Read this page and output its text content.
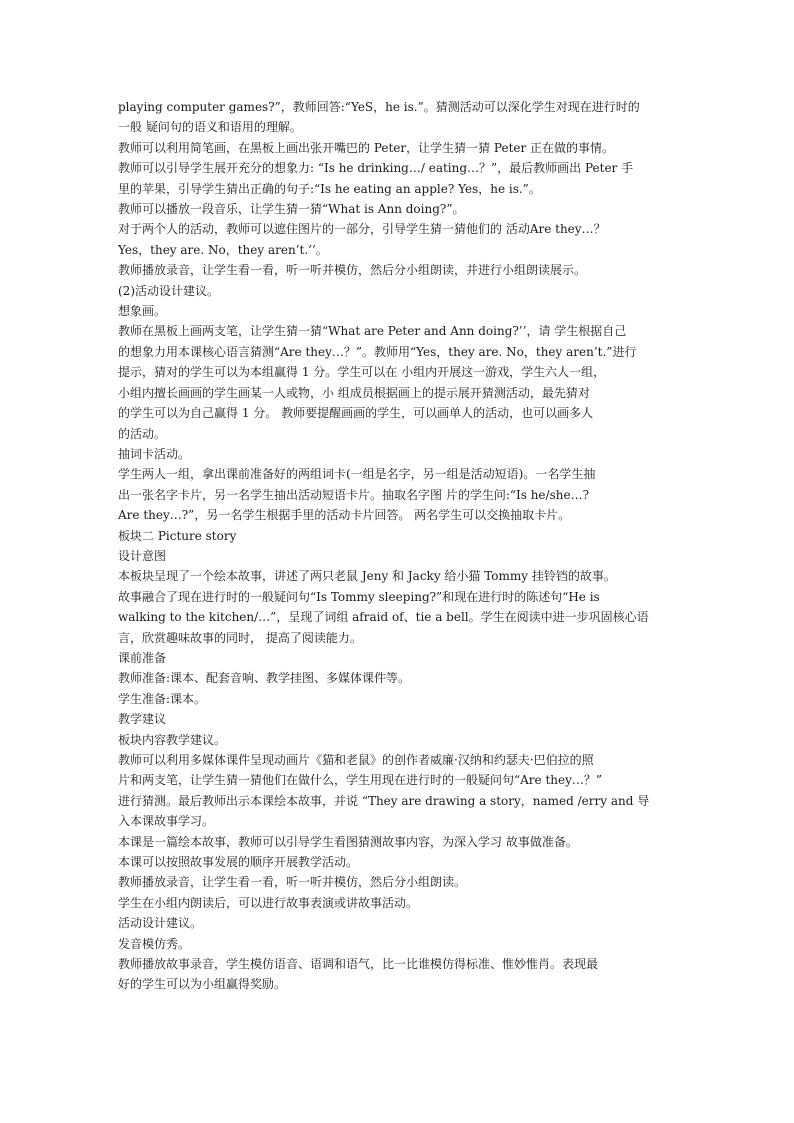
playing computer games?”，教师回答:“YeS，he is.”。猜测活动可以深化学生对现在进行时的
一般 疑问句的语义和语用的理解。
教师可以利用简笔画，在黑板上画出张开嘴巴的 Peter，让学生猜一猜 Peter 正在做的事情。
教师可以引导学生展开充分的想象力: “Is he drinking…/ eating…？”，最后教师画出 Peter 手
里的苹果，引导学生猜出正确的句子:“Is he eating an apple? Yes，he is.”。
教师可以播放一段音乐，让学生猜一猜“What is Ann doing?”。
对于两个人的活动，教师可以遮住图片的一部分，引导学生猜一猜他们的 活动Are they…？
Yes，they are. No，they aren’t.’’。
教师播放录音，让学生看一看，听一听并模仿，然后分小组朗读，并进行小组朗读展示。
(2)活动设计建议。
想象画。
教师在黑板上画两支笔，让学生猜一猜“What are Peter and Ann doing?’’，请 学生根据自己
的想象力用本课核心语言猜测“Are they…？”。教师用“Yes，they are. No，they aren’t.”进行
提示，猜对的学生可以为本组赢得 1 分。学生可以在 小组内开展这一游戏，学生六人一组，
小组内擅长画画的学生画某一人或物，小 组成员根据画上的提示展开猜测活动，最先猜对
的学生可以为自己赢得 1 分。 教师要提醒画画的学生，可以画单人的活动，也可以画多人
的活动。
抽词卡活动。
学生两人一组，拿出课前准备好的两组词卡(一组是名字，另一组是活动短语)。一名学生抽
出一张名字卡片，另一名学生抽出活动短语卡片。抽取名字图 片的学生问:“Is he/she…?
Are they…?”，另一名学生根据手里的活动卡片回答。 两名学生可以交换抽取卡片。
板块二 Picture story
设计意图
本板块呈现了一个绘本故事，讲述了两只老鼠 Jeny 和 Jacky 给小猫 Tommy 挂铃铛的故事。
故事融合了现在进行时的一般疑问句“Is Tommy sleeping?”和现在进行时的陈述句“He is
walking to the kitchen/…”，呈现了词组 afraid of、tie a bell。学生在阅读中进一步巩固核心语
言，欣赏趣味故事的同时， 提高了阅读能力。
课前准备
教师准备:课本、配套音响、教学挂图、多媒体课件等。
学生准备:课本。
教学建议
板块内容教学建议。
教师可以利用多媒体课件呈现动画片《猫和老鼠》的创作者威廉·汉纳和约瑟夫·巴伯拉的照
片和两支笔，让学生猜一猜他们在做什么，学生用现在进行时的一般疑问句“Are they…？”
进行猜测。最后教师出示本课绘本故事，并说 “They are drawing a story，named /erry and 导
入本课故事学习。
本课是一篇绘本故事，教师可以引导学生看图猜测故事内容，为深入学习 故事做准备。
本课可以按照故事发展的顺序开展教学活动。
教师播放录音，让学生看一看，听一听并模仿，然后分小组朗读。
学生在小组内朗读后，可以进行故事表演或讲故事活动。
活动设计建议。
发音模仿秀。
教师播放故事录音，学生模仿语音、语调和语气，比一比谁模仿得标准、惟妙惟肖。表现最
好的学生可以为小组赢得奖励。
